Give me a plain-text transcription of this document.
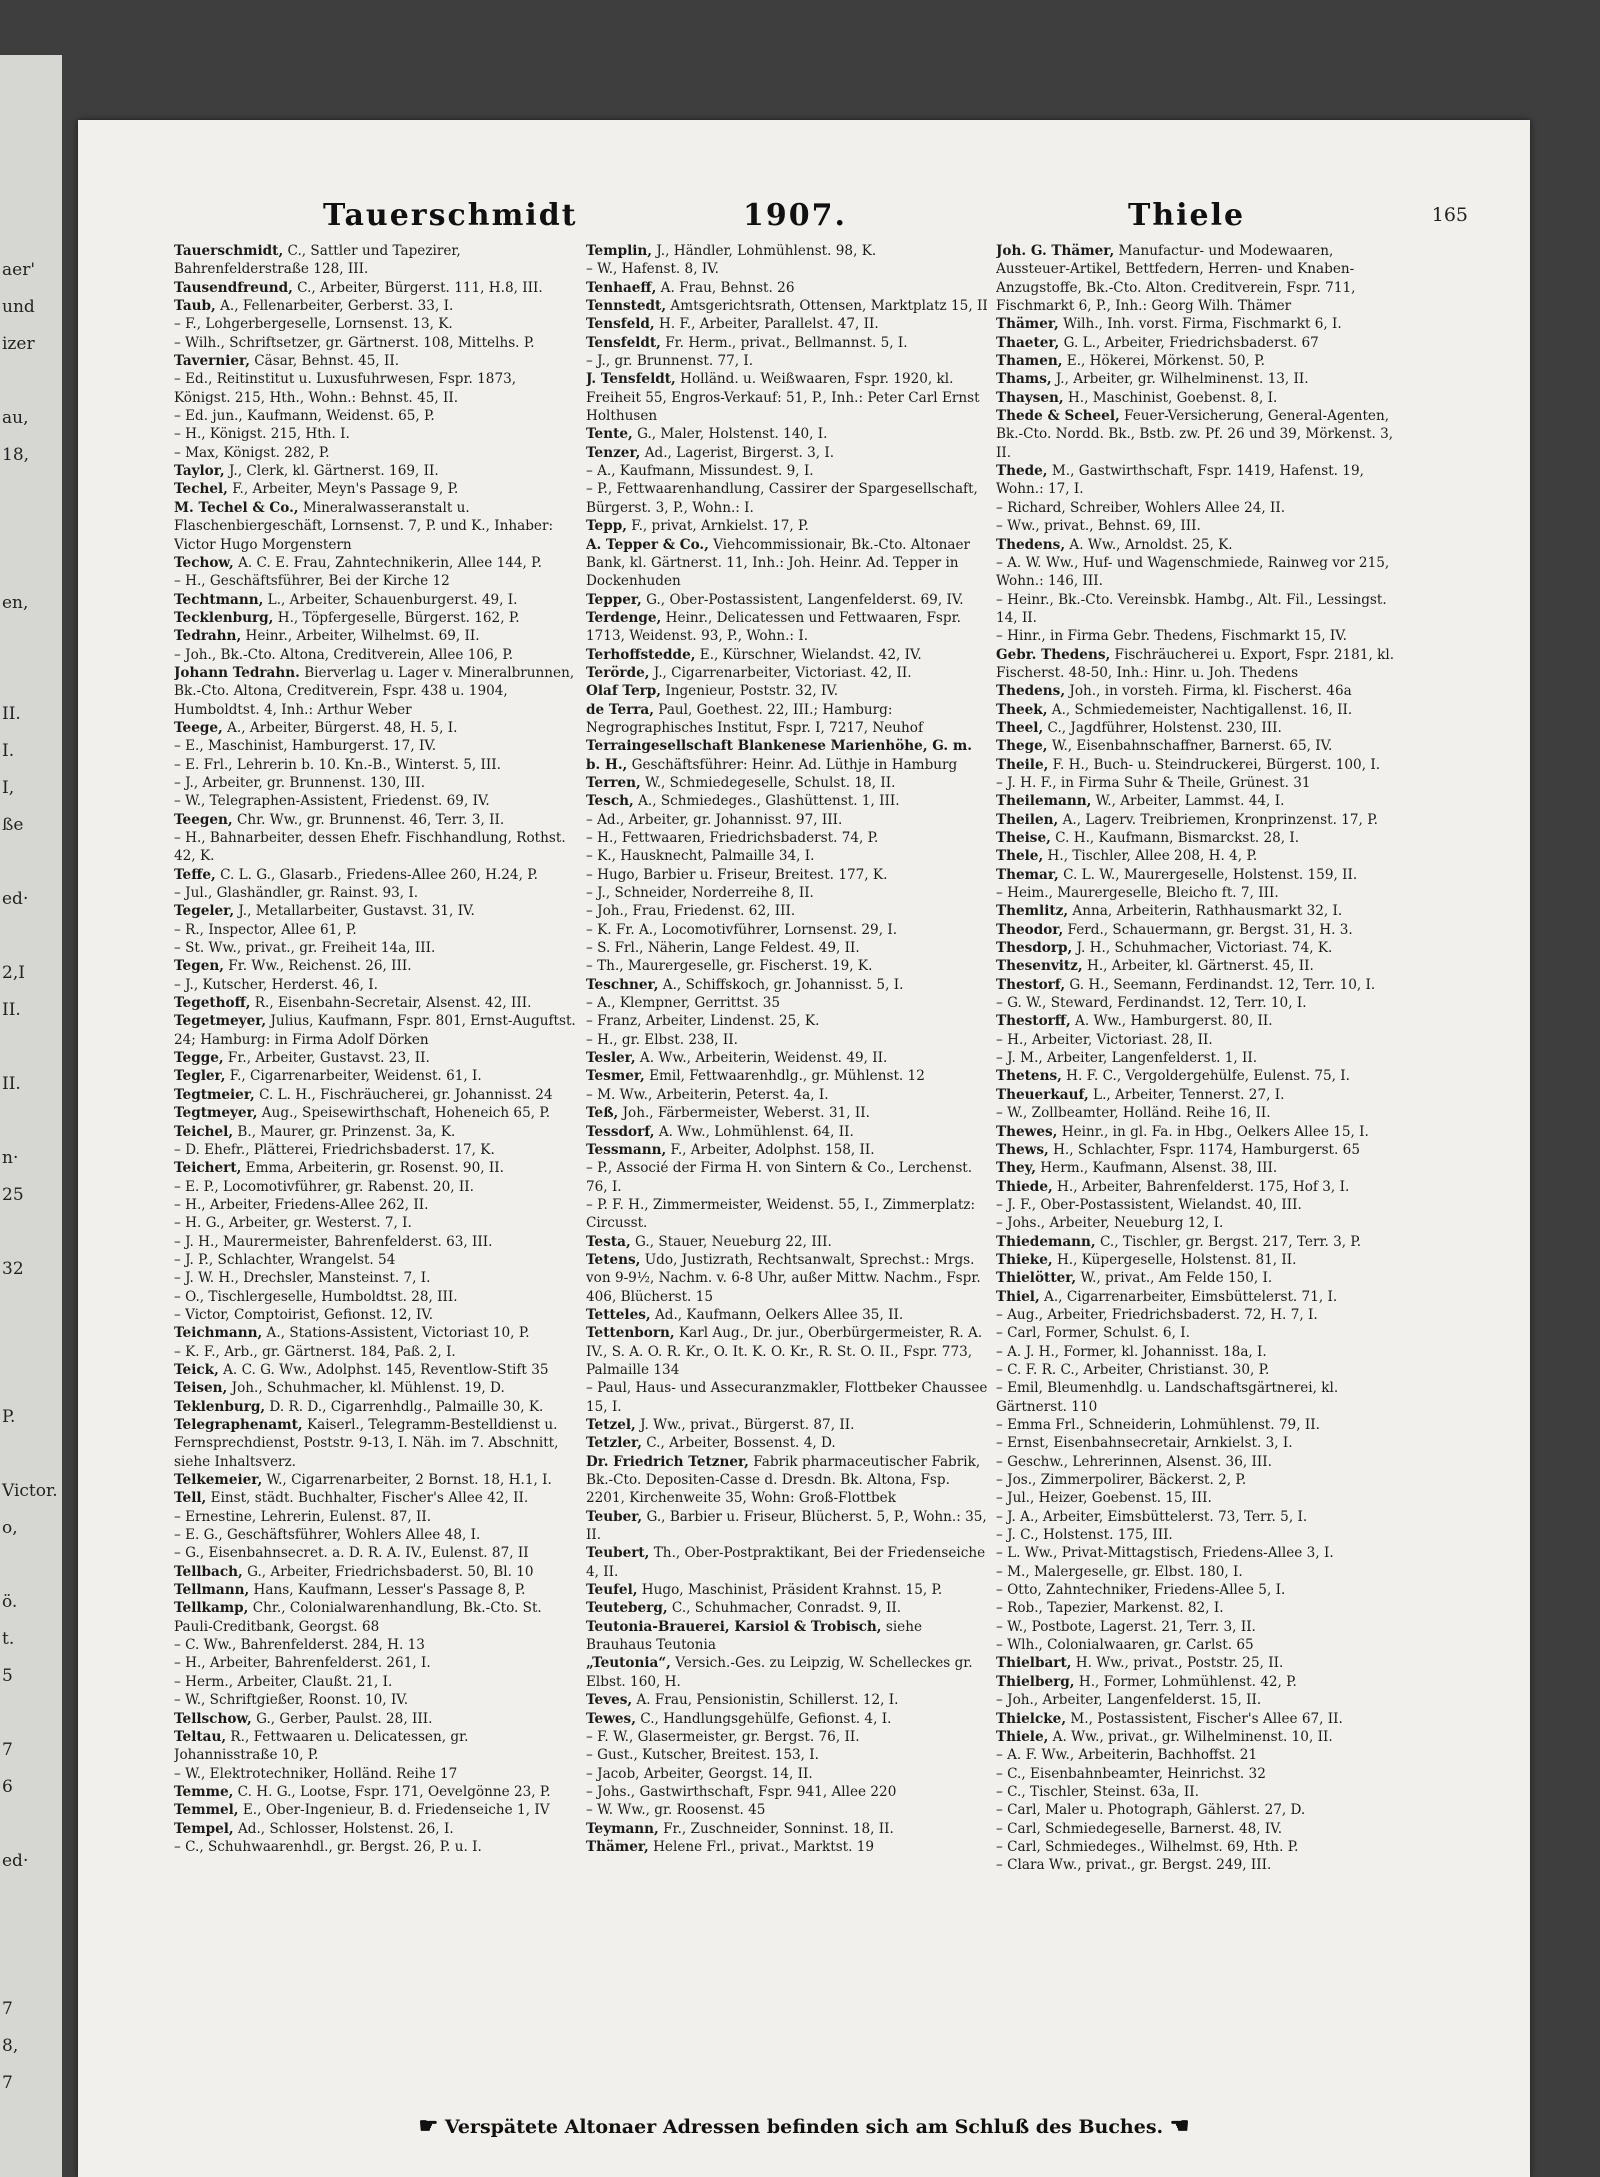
aer'
und
izer
au,
18,
en,
II.
I.
I,
ße
ed·
2,I
II.
II.
n·
25
32
P.
Victor.
o,
ö.
t.
5
7
6
ed·
7
8,
7
Tauerschmidt	1907.	Thiele	165
Tauerschmidt, C., Sattler und Tapezirer, Bahrenfelderstraße 128, III.
Tausendfreund, C., Arbeiter, Bürgerst. 111, H.8, III.
Taub, A., Fellenarbeiter, Gerberst. 33, I.
– F., Lohgerbergeselle, Lornsenst. 13, K.
– Wilh., Schriftsetzer, gr. Gärtnerst. 108, Mittelhs. P.
Tavernier, Cäsar, Behnst. 45, II.
– Ed., Reitinstitut u. Luxusfuhrwesen, Fspr. 1873, Königst. 215, Hth., Wohn.: Behnst. 45, II.
– Ed. jun., Kaufmann, Weidenst. 65, P.
– H., Königst. 215, Hth. I.
– Max, Königst. 282, P.
Taylor, J., Clerk, kl. Gärtnerst. 169, II.
Techel, F., Arbeiter, Meyn's Passage 9, P.
M. Techel & Co., Mineralwasseranstalt u. Flaschenbiergeschäft, Lornsenst. 7, P. und K., Inhaber: Victor Hugo Morgenstern
Techow, A. C. E. Frau, Zahntechnikerin, Allee 144, P.
– H., Geschäftsführer, Bei der Kirche 12
Techtmann, L., Arbeiter, Schauenburgerst. 49, I.
Tecklenburg, H., Töpfergeselle, Bürgerst. 162, P.
Tedrahn, Heinr., Arbeiter, Wilhelmst. 69, II.
– Joh., Bk.-Cto. Altona, Creditverein, Allee 106, P.
Johann Tedrahn. Bierverlag u. Lager v. Mineralbrunnen, Bk.-Cto. Altona, Creditverein, Fspr. 438 u. 1904, Humboldtst. 4, Inh.: Arthur Weber
Teege, A., Arbeiter, Bürgerst. 48, H. 5, I.
– E., Maschinist, Hamburgerst. 17, IV.
– E. Frl., Lehrerin b. 10. Kn.-B., Winterst. 5, III.
– J., Arbeiter, gr. Brunnenst. 130, III.
– W., Telegraphen-Assistent, Friedenst. 69, IV.
Teegen, Chr. Ww., gr. Brunnenst. 46, Terr. 3, II.
– H., Bahnarbeiter, dessen Ehefr. Fischhandlung, Rothst. 42, K.
Teffe, C. L. G., Glasarb., Friedens-Allee 260, H.24, P.
– Jul., Glashändler, gr. Rainst. 93, I.
Tegeler, J., Metallarbeiter, Gustavst. 31, IV.
– R., Inspector, Allee 61, P.
– St. Ww., privat., gr. Freiheit 14a, III.
Tegen, Fr. Ww., Reichenst. 26, III.
– J., Kutscher, Herderst. 46, I.
Tegethoff, R., Eisenbahn-Secretair, Alsenst. 42, III.
Tegetmeyer, Julius, Kaufmann, Fspr. 801, Ernst-Auguftst. 24; Hamburg: in Firma Adolf Dörken
Tegge, Fr., Arbeiter, Gustavst. 23, II.
Tegler, F., Cigarrenarbeiter, Weidenst. 61, I.
Tegtmeier, C. L. H., Fischräucherei, gr. Johannisst. 24
Tegtmeyer, Aug., Speisewirthschaft, Hoheneich 65, P.
Teichel, B., Maurer, gr. Prinzenst. 3a, K.
– D. Ehefr., Plätterei, Friedrichsbaderst. 17, K.
Teichert, Emma, Arbeiterin, gr. Rosenst. 90, II.
– E. P., Locomotivführer, gr. Rabenst. 20, II.
– H., Arbeiter, Friedens-Allee 262, II.
– H. G., Arbeiter, gr. Westerst. 7, I.
– J. H., Maurermeister, Bahrenfelderst. 63, III.
– J. P., Schlachter, Wrangelst. 54
– J. W. H., Drechsler, Mansteinst. 7, I.
– O., Tischlergeselle, Humboldtst. 28, III.
– Victor, Comptoirist, Gefionst. 12, IV.
Teichmann, A., Stations-Assistent, Victoriast 10, P.
– K. F., Arb., gr. Gärtnerst. 184, Paß. 2, I.
Teick, A. C. G. Ww., Adolphst. 145, Reventlow-Stift 35
Teisen, Joh., Schuhmacher, kl. Mühlenst. 19, D.
Teklenburg, D. R. D., Cigarrenhdlg., Palmaille 30, K.
Telegraphenamt, Kaiserl., Telegramm-Bestelldienst u. Fernsprechdienst, Poststr. 9-13, I. Näh. im 7. Abschnitt, siehe Inhaltsverz.
Telkemeier, W., Cigarrenarbeiter, 2 Bornst. 18, H.1, I.
Tell, Einst, städt. Buchhalter, Fischer's Allee 42, II.
– Ernestine, Lehrerin, Eulenst. 87, II.
– E. G., Geschäftsführer, Wohlers Allee 48, I.
– G., Eisenbahnsecret. a. D. R. A. IV., Eulenst. 87, II
Tellbach, G., Arbeiter, Friedrichsbaderst. 50, Bl. 10
Tellmann, Hans, Kaufmann, Lesser's Passage 8, P.
Tellkamp, Chr., Colonialwarenhandlung, Bk.-Cto. St. Pauli-Creditbank, Georgst. 68
– C. Ww., Bahrenfelderst. 284, H. 13
– H., Arbeiter, Bahrenfelderst. 261, I.
– Herm., Arbeiter, Claußt. 21, I.
– W., Schriftgießer, Roonst. 10, IV.
Tellschow, G., Gerber, Paulst. 28, III.
Teltau, R., Fettwaaren u. Delicatessen, gr. Johannisstraße 10, P.
– W., Elektrotechniker, Holländ. Reihe 17
Temme, C. H. G., Lootse, Fspr. 171, Oevelgönne 23, P.
Temmel, E., Ober-Ingenieur, B. d. Friedenseiche 1, IV
Tempel, Ad., Schlosser, Holstenst. 26, I.
– C., Schuhwaarenhdl., gr. Bergst. 26, P. u. I.
Templin, J., Händler, Lohmühlenst. 98, K.
– W., Hafenst. 8, IV.
Tenhaeff, A. Frau, Behnst. 26
Tennstedt, Amtsgerichtsrath, Ottensen, Marktplatz 15, II
Tensfeld, H. F., Arbeiter, Parallelst. 47, II.
Tensfeldt, Fr. Herm., privat., Bellmannst. 5, I.
– J., gr. Brunnenst. 77, I.
J. Tensfeldt, Holländ. u. Weißwaaren, Fspr. 1920, kl. Freiheit 55, Engros-Verkauf: 51, P., Inh.: Peter Carl Ernst Holthusen
Tente, G., Maler, Holstenst. 140, I.
Tenzer, Ad., Lagerist, Birgerst. 3, I.
– A., Kaufmann, Missundest. 9, I.
– P., Fettwaarenhandlung, Cassirer der Spargesellschaft, Bürgerst. 3, P., Wohn.: I.
Tepp, F., privat, Arnkielst. 17, P.
A. Tepper & Co., Viehcommissionair, Bk.-Cto. Altonaer Bank, kl. Gärtnerst. 11, Inh.: Joh. Heinr. Ad. Tepper in Dockenhuden
Tepper, G., Ober-Postassistent, Langenfelderst. 69, IV.
Terdenge, Heinr., Delicatessen und Fettwaaren, Fspr. 1713, Weidenst. 93, P., Wohn.: I.
Terhoffstedde, E., Kürschner, Wielandst. 42, IV.
Terörde, J., Cigarrenarbeiter, Victoriast. 42, II.
Olaf Terp, Ingenieur, Poststr. 32, IV.
de Terra, Paul, Goethest. 22, III.; Hamburg: Negrographisches Institut, Fspr. I, 7217, Neuhof
Terraingesellschaft Blankenese Marienhöhe, G. m. b. H., Geschäftsführer: Heinr. Ad. Lüthje in Hamburg
Terren, W., Schmiedegeselle, Schulst. 18, II.
Tesch, A., Schmiedeges., Glashüttenst. 1, III.
– Ad., Arbeiter, gr. Johannisst. 97, III.
– H., Fettwaaren, Friedrichsbaderst. 74, P.
– K., Hausknecht, Palmaille 34, I.
– Hugo, Barbier u. Friseur, Breitest. 177, K.
– J., Schneider, Norderreihe 8, II.
– Joh., Frau, Friedenst. 62, III.
– K. Fr. A., Locomotivführer, Lornsenst. 29, I.
– S. Frl., Näherin, Lange Feldest. 49, II.
– Th., Maurergeselle, gr. Fischerst. 19, K.
Teschner, A., Schiffskoch, gr. Johannisst. 5, I.
– A., Klempner, Gerrittst. 35
– Franz, Arbeiter, Lindenst. 25, K.
– H., gr. Elbst. 238, II.
Tesler, A. Ww., Arbeiterin, Weidenst. 49, II.
Tesmer, Emil, Fettwaarenhdlg., gr. Mühlenst. 12
– M. Ww., Arbeiterin, Peterst. 4a, I.
Teß, Joh., Färbermeister, Weberst. 31, II.
Tessdorf, A. Ww., Lohmühlenst. 64, II.
Tessmann, F., Arbeiter, Adolphst. 158, II.
– P., Associé der Firma H. von Sintern & Co., Lerchenst. 76, I.
– P. F. H., Zimmermeister, Weidenst. 55, I., Zimmerplatz: Circusst.
Testa, G., Stauer, Neueburg 22, III.
Tetens, Udo, Justizrath, Rechtsanwalt, Sprechst.: Mrgs. von 9-9½, Nachm. v. 6-8 Uhr, außer Mittw. Nachm., Fspr. 406, Blücherst. 15
Tetteles, Ad., Kaufmann, Oelkers Allee 35, II.
Tettenborn, Karl Aug., Dr. jur., Oberbürgermeister, R. A. IV., S. A. O. R. Kr., O. It. K. O. Kr., R. St. O. II., Fspr. 773, Palmaille 134
– Paul, Haus- und Assecuranzmakler, Flottbeker Chaussee 15, I.
Tetzel, J. Ww., privat., Bürgerst. 87, II.
Tetzler, C., Arbeiter, Bossenst. 4, D.
Dr. Friedrich Tetzner, Fabrik pharmaceutischer Fabrik, Bk.-Cto. Depositen-Casse d. Dresdn. Bk. Altona, Fsp. 2201, Kirchenweite 35, Wohn: Groß-Flottbek
Teuber, G., Barbier u. Friseur, Blücherst. 5, P., Wohn.: 35, II.
Teubert, Th., Ober-Postpraktikant, Bei der Friedenseiche 4, II.
Teufel, Hugo, Maschinist, Präsident Krahnst. 15, P.
Teuteberg, C., Schuhmacher, Conradst. 9, II.
Teutonia-Brauerei, Karsiol & Trobisch, siehe Brauhaus Teutonia
„Teutonia“, Versich.-Ges. zu Leipzig, W. Schelleckes gr. Elbst. 160, H.
Teves, A. Frau, Pensionistin, Schillerst. 12, I.
Tewes, C., Handlungsgehülfe, Gefionst. 4, I.
– F. W., Glasermeister, gr. Bergst. 76, II.
– Gust., Kutscher, Breitest. 153, I.
– Jacob, Arbeiter, Georgst. 14, II.
– Johs., Gastwirthschaft, Fspr. 941, Allee 220
– W. Ww., gr. Roosenst. 45
Teymann, Fr., Zuschneider, Sonninst. 18, II.
Thämer, Helene Frl., privat., Marktst. 19
Joh. G. Thämer, Manufactur- und Modewaaren, Aussteuer-Artikel, Bettfedern, Herren- und Knaben-Anzugstoffe, Bk.-Cto. Alton. Creditverein, Fspr. 711, Fischmarkt 6, P., Inh.: Georg Wilh. Thämer
Thämer, Wilh., Inh. vorst. Firma, Fischmarkt 6, I.
Thaeter, G. L., Arbeiter, Friedrichsbaderst. 67
Thamen, E., Hökerei, Mörkenst. 50, P.
Thams, J., Arbeiter, gr. Wilhelminenst. 13, II.
Thaysen, H., Maschinist, Goebenst. 8, I.
Thede & Scheel, Feuer-Versicherung, General-Agenten, Bk.-Cto. Nordd. Bk., Bstb. zw. Pf. 26 und 39, Mörkenst. 3, II.
Thede, M., Gastwirthschaft, Fspr. 1419, Hafenst. 19, Wohn.: 17, I.
– Richard, Schreiber, Wohlers Allee 24, II.
– Ww., privat., Behnst. 69, III.
Thedens, A. Ww., Arnoldst. 25, K.
– A. W. Ww., Huf- und Wagenschmiede, Rainweg vor 215, Wohn.: 146, III.
– Heinr., Bk.-Cto. Vereinsbk. Hambg., Alt. Fil., Lessingst. 14, II.
– Hinr., in Firma Gebr. Thedens, Fischmarkt 15, IV.
Gebr. Thedens, Fischräucherei u. Export, Fspr. 2181, kl. Fischerst. 48-50, Inh.: Hinr. u. Joh. Thedens
Thedens, Joh., in vorsteh. Firma, kl. Fischerst. 46a
Theek, A., Schmiedemeister, Nachtigallenst. 16, II.
Theel, C., Jagdführer, Holstenst. 230, III.
Thege, W., Eisenbahnschaffner, Barnerst. 65, IV.
Theile, F. H., Buch- u. Steindruckerei, Bürgerst. 100, I.
– J. H. F., in Firma Suhr & Theile, Grünest. 31
Theilemann, W., Arbeiter, Lammst. 44, I.
Theilen, A., Lagerv. Treibriemen, Kronprinzenst. 17, P.
Theise, C. H., Kaufmann, Bismarckst. 28, I.
Thele, H., Tischler, Allee 208, H. 4, P.
Themar, C. L. W., Maurergeselle, Holstenst. 159, II.
– Heim., Maurergeselle, Bleicho ft. 7, III.
Themlitz, Anna, Arbeiterin, Rathhausmarkt 32, I.
Theodor, Ferd., Schauermann, gr. Bergst. 31, H. 3.
Thesdorp, J. H., Schuhmacher, Victoriast. 74, K.
Thesenvitz, H., Arbeiter, kl. Gärtnerst. 45, II.
Thestorf, G. H., Seemann, Ferdinandst. 12, Terr. 10, I.
– G. W., Steward, Ferdinandst. 12, Terr. 10, I.
Thestorff, A. Ww., Hamburgerst. 80, II.
– H., Arbeiter, Victoriast. 28, II.
– J. M., Arbeiter, Langenfelderst. 1, II.
Thetens, H. F. C., Vergoldergehülfe, Eulenst. 75, I.
Theuerkauf, L., Arbeiter, Tennerst. 27, I.
– W., Zollbeamter, Holländ. Reihe 16, II.
Thewes, Heinr., in gl. Fa. in Hbg., Oelkers Allee 15, I.
Thews, H., Schlachter, Fspr. 1174, Hamburgerst. 65
They, Herm., Kaufmann, Alsenst. 38, III.
Thiede, H., Arbeiter, Bahrenfelderst. 175, Hof 3, I.
– J. F., Ober-Postassistent, Wielandst. 40, III.
– Johs., Arbeiter, Neueburg 12, I.
Thiedemann, C., Tischler, gr. Bergst. 217, Terr. 3, P.
Thieke, H., Küpergeselle, Holstenst. 81, II.
Thielötter, W., privat., Am Felde 150, I.
Thiel, A., Cigarrenarbeiter, Eimsbüttelerst. 71, I.
– Aug., Arbeiter, Friedrichsbaderst. 72, H. 7, I.
– Carl, Former, Schulst. 6, I.
– A. J. H., Former, kl. Johannisst. 18a, I.
– C. F. R. C., Arbeiter, Christianst. 30, P.
– Emil, Bleumenhdlg. u. Landschaftsgärtnerei, kl. Gärtnerst. 110
– Emma Frl., Schneiderin, Lohmühlenst. 79, II.
– Ernst, Eisenbahnsecretair, Arnkielst. 3, I.
– Geschw., Lehrerinnen, Alsenst. 36, III.
– Jos., Zimmerpolirer, Bäckerst. 2, P.
– Jul., Heizer, Goebenst. 15, III.
– J. A., Arbeiter, Eimsbüttelerst. 73, Terr. 5, I.
– J. C., Holstenst. 175, III.
– L. Ww., Privat-Mittagstisch, Friedens-Allee 3, I.
– M., Malergeselle, gr. Elbst. 180, I.
– Otto, Zahntechniker, Friedens-Allee 5, I.
– Rob., Tapezier, Markenst. 82, I.
– W., Postbote, Lagerst. 21, Terr. 3, II.
– Wlh., Colonialwaaren, gr. Carlst. 65
Thielbart, H. Ww., privat., Poststr. 25, II.
Thielberg, H., Former, Lohmühlenst. 42, P.
– Joh., Arbeiter, Langenfelderst. 15, II.
Thielcke, M., Postassistent, Fischer's Allee 67, II.
Thiele, A. Ww., privat., gr. Wilhelminenst. 10, II.
– A. F. Ww., Arbeiterin, Bachhoffst. 21
– C., Eisenbahnbeamter, Heinrichst. 32
– C., Tischler, Steinst. 63a, II.
– Carl, Maler u. Photograph, Gählerst. 27, D.
– Carl, Schmiedegeselle, Barnerst. 48, IV.
– Carl, Schmiedeges., Wilhelmst. 69, Hth. P.
– Clara Ww., privat., gr. Bergst. 249, III.
☛ Verspätete Altonaer Adressen befinden sich am Schluß des Buches. ☚
